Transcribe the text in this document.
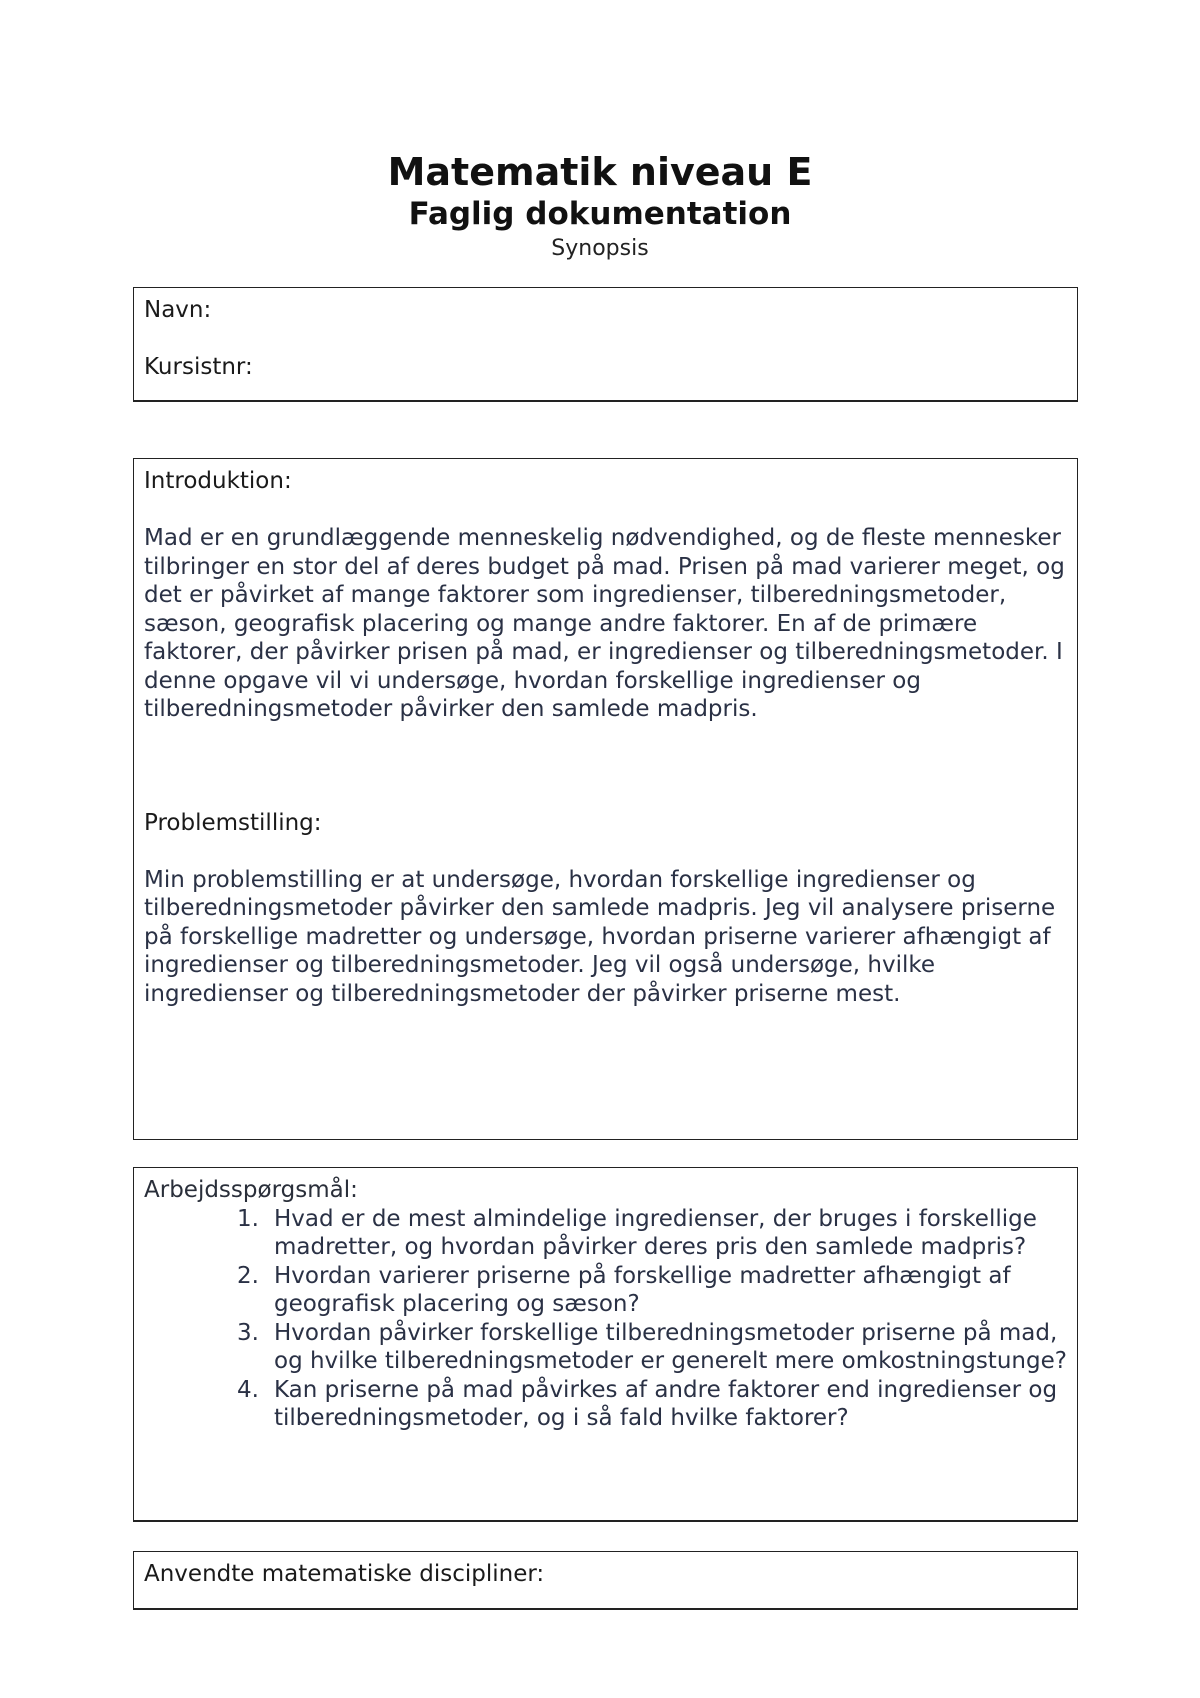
Matematik niveau E
Faglig dokumentation

Synopsis

Navn:
Kursistnr:
Introduktion:

Mad er en grundlæggende menneskelig nødvendighed, og de fleste mennesker tilbringer en stor del af deres budget på mad. Prisen på mad varierer meget, og det er påvirket af mange faktorer som ingredienser, tilberedningsmetoder, sæson, geografisk placering og mange andre faktorer. En af de primære faktorer, der påvirker prisen på mad, er ingredienser og tilberedningsmetoder. I denne opgave vil vi undersøge, hvordan forskellige ingredienser og tilberedningsmetoder påvirker den samlede madpris.

Problemstilling:

Min problemstilling er at undersøge, hvordan forskellige ingredienser og tilberedningsmetoder påvirker den samlede madpris. Jeg vil analysere priserne på forskellige madretter og undersøge, hvordan priserne varierer afhængigt af ingredienser og tilberedningsmetoder. Jeg vil også undersøge, hvilke ingredienser og tilberedningsmetoder der påvirker priserne mest.

Arbejdsspørgsmål:
1. Hvad er de mest almindelige ingredienser, der bruges i forskellige madretter, og hvordan påvirker deres pris den samlede madpris?
2. Hvordan varierer priserne på forskellige madretter afhængigt af geografisk placering og sæson?
3. Hvordan påvirker forskellige tilberedningsmetoder priserne på mad, og hvilke tilberedningsmetoder er generelt mere omkostningstunge?
4. Kan priserne på mad påvirkes af andre faktorer end ingredienser og tilberedningsmetoder, og i så fald hvilke faktorer?
Anvendte matematiske discipliner:
